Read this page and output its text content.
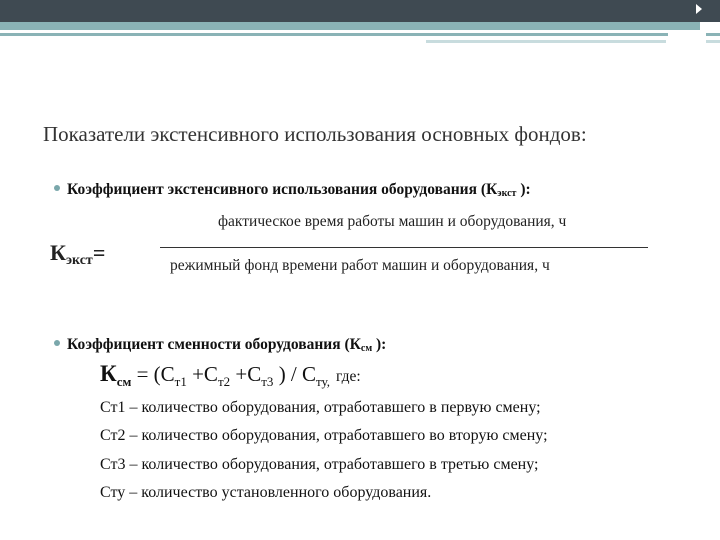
Показатели экстенсивного использования основных фондов:
Коэффициент экстенсивного использования оборудования ($К_{экст}$ ):
фактическое время работы машин и оборудования, ч
режимный фонд времени работ машин и оборудования, ч
Кэкст=
Коэффициент сменности оборудования ($К_{см}$ ):
$К_{см} = (С_{т1} +С_{т2} +С_{т3}$ ) / $С_{ту,}$ где:
Ст1 – количество оборудования, отработавшего в первую смену;
Ст2 – количество оборудования, отработавшего во вторую смену;
Ст3 – количество оборудования, отработавшего в третью смену;
Сту – количество установленного оборудования.
